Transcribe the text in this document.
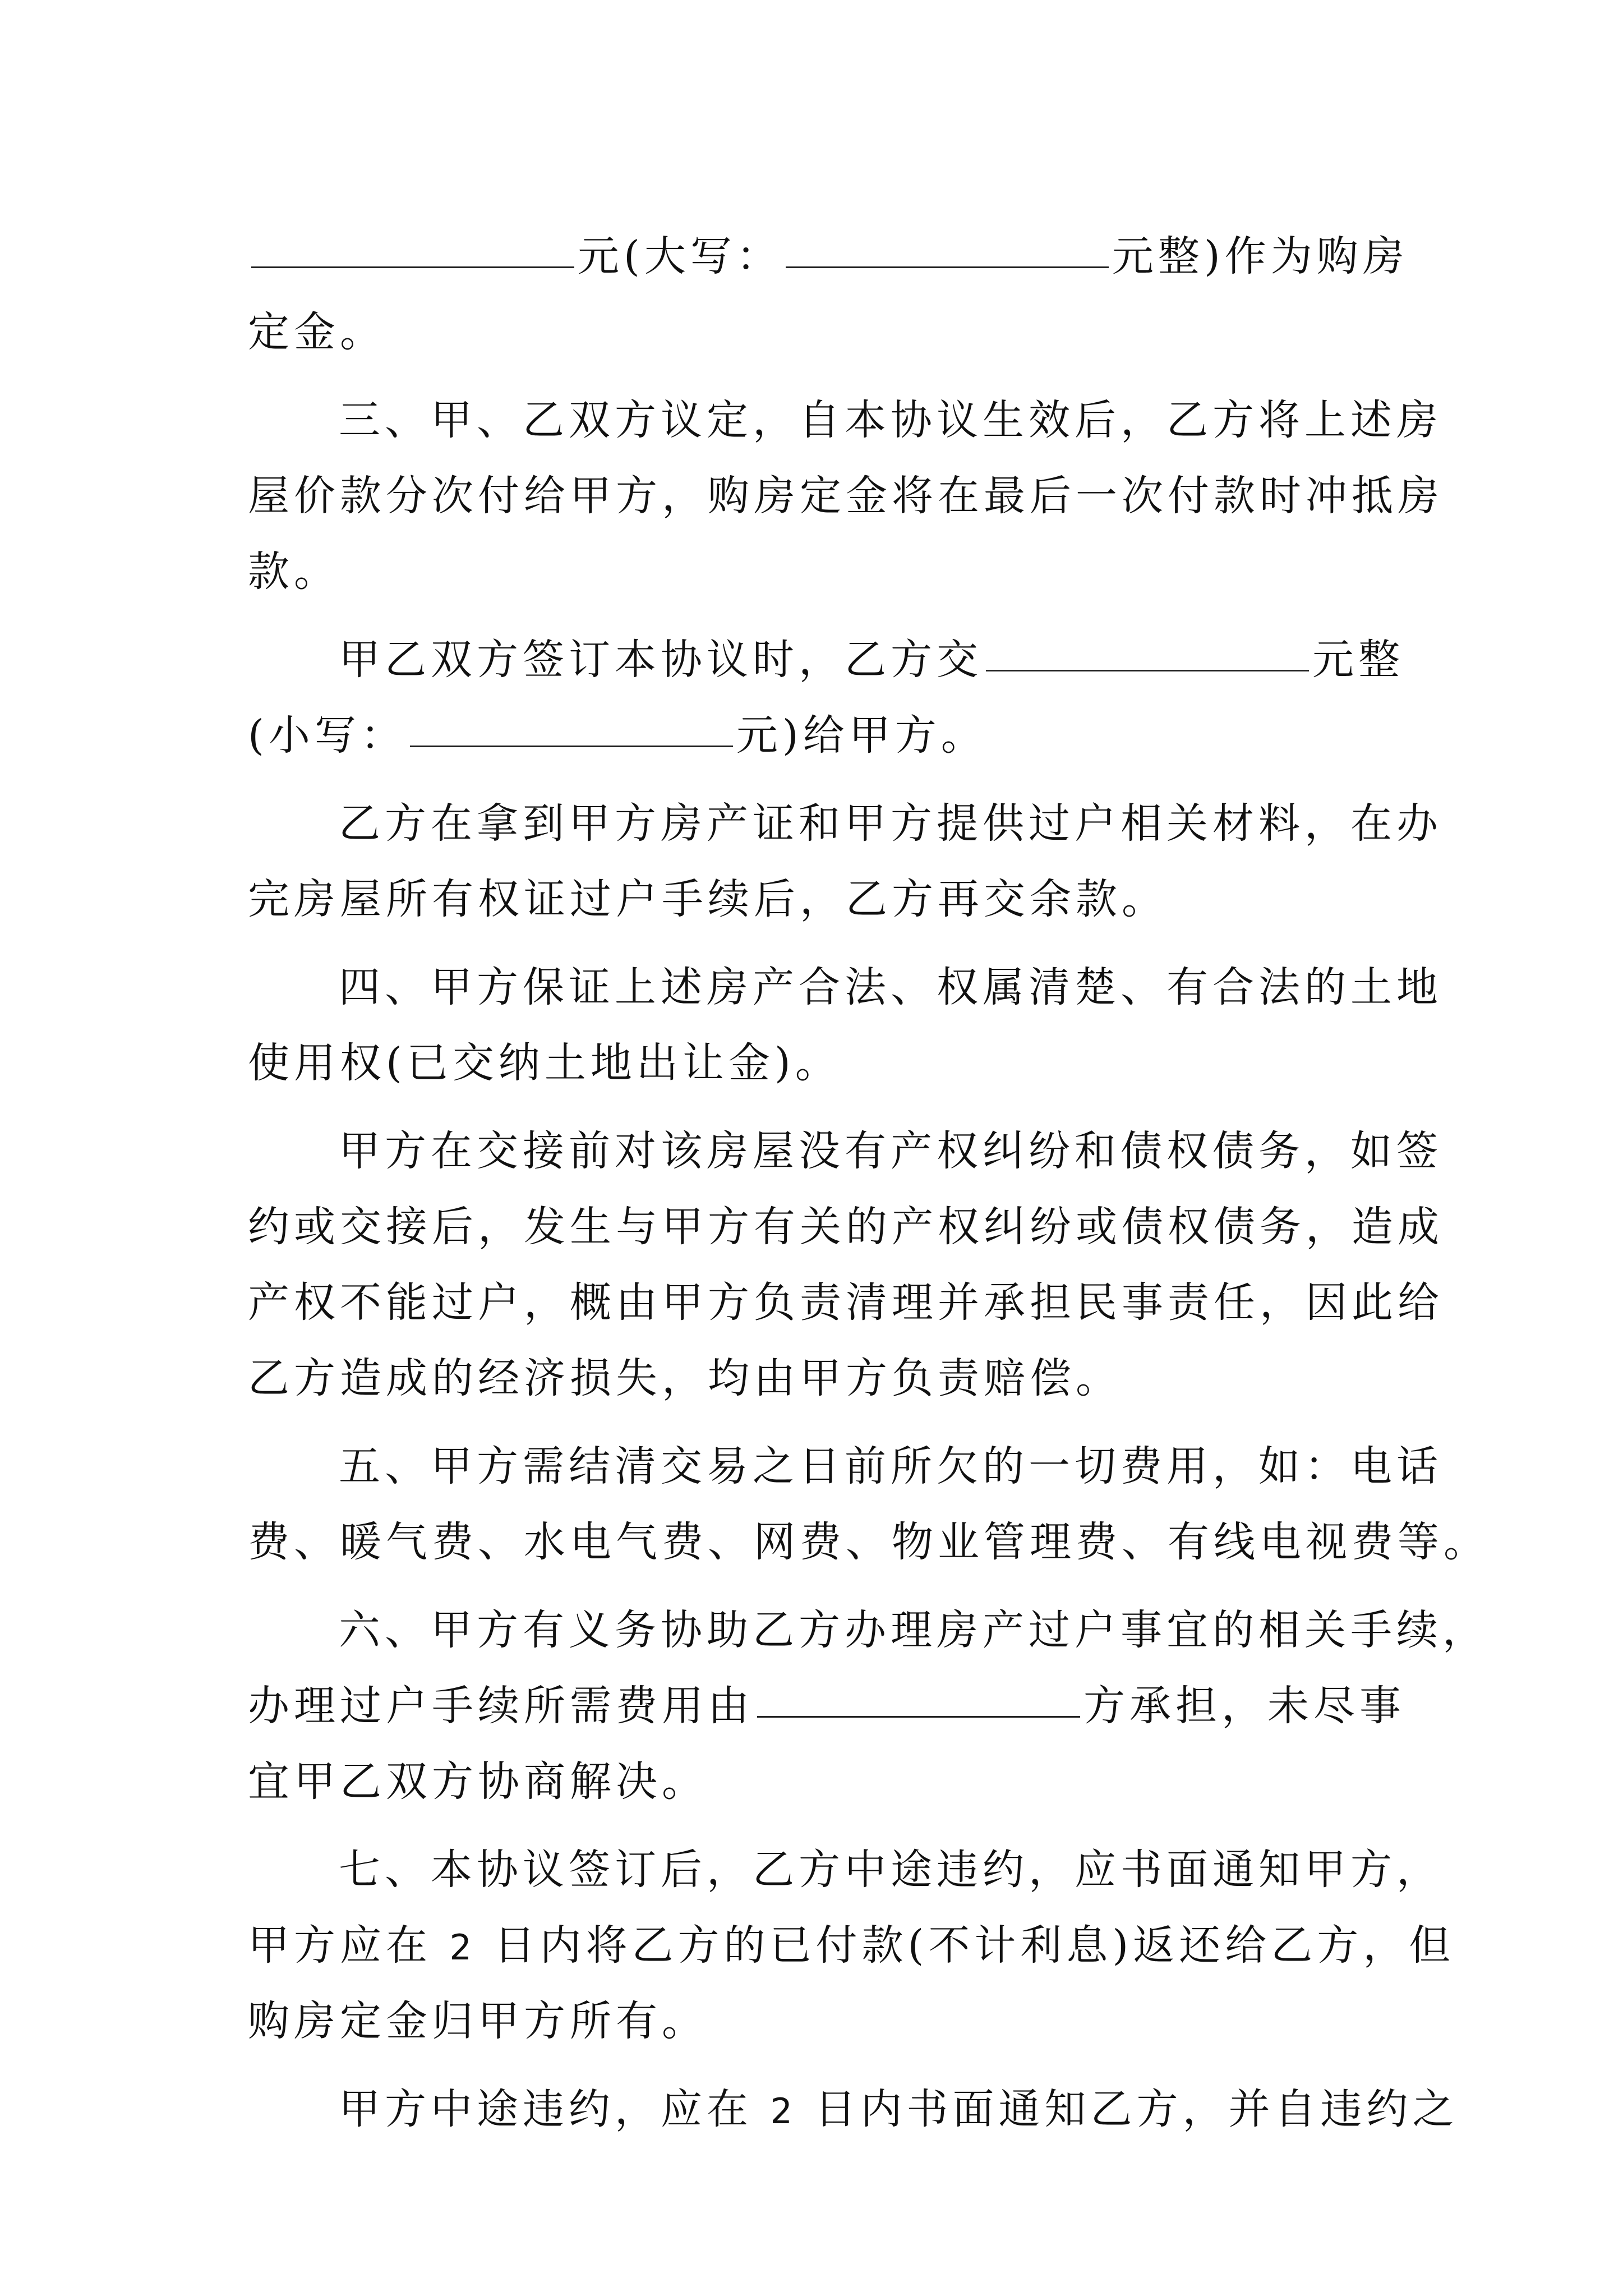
元(大写：	元整)作为购房
定金。
三、甲、乙双方议定，自本协议生效后，乙方将上述房
屋价款分次付给甲方，购房定金将在最后一次付款时冲抵房
款。
甲乙双方签订本协议时，乙方交	元整
(小写：	元)给甲方。
乙方在拿到甲方房产证和甲方提供过户相关材料，在办
完房屋所有权证过户手续后，乙方再交余款。
四、甲方保证上述房产合法、权属清楚、有合法的土地
使用权(已交纳土地出让金)。
甲方在交接前对该房屋没有产权纠纷和债权债务，如签
约或交接后，发生与甲方有关的产权纠纷或债权债务，造成
产权不能过户，概由甲方负责清理并承担民事责任，因此给
乙方造成的经济损失，均由甲方负责赔偿。
五、甲方需结清交易之日前所欠的一切费用，如：电话
费、暖气费、水电气费、网费、物业管理费、有线电视费等。
六、甲方有义务协助乙方办理房产过户事宜的相关手续，
办理过户手续所需费用由	方承担，未尽事
宜甲乙双方协商解决。
七、本协议签订后，乙方中途违约，应书面通知甲方，
甲方应在 2 日内将乙方的已付款(不计利息)返还给乙方，但
购房定金归甲方所有。
甲方中途违约，应在 2 日内书面通知乙方，并自违约之
